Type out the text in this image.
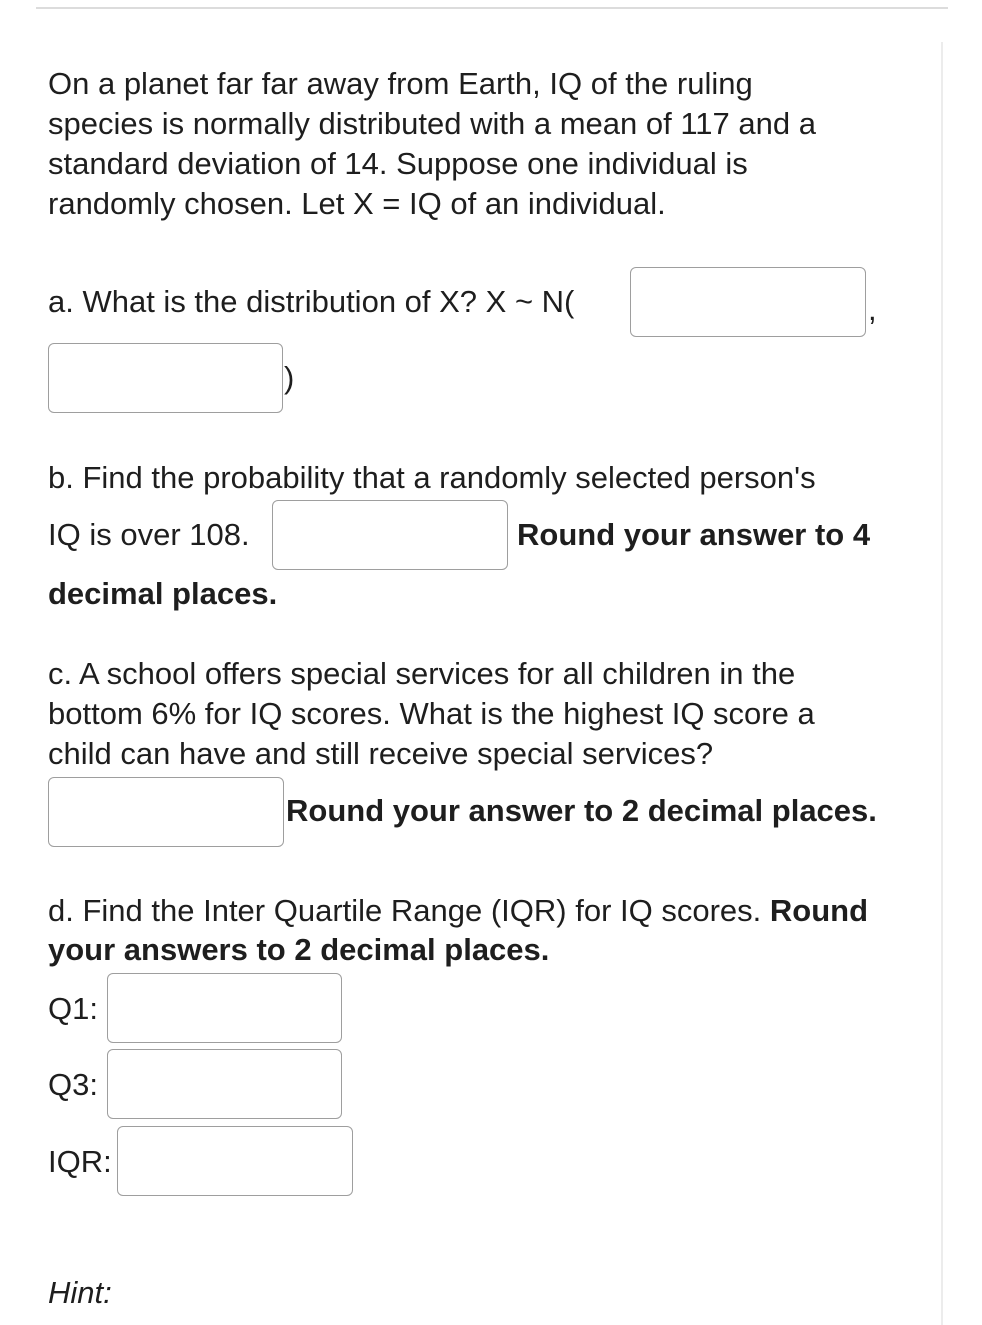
On a planet far far away from Earth, IQ of the ruling
species is normally distributed with a mean of 117 and a
standard deviation of 14. Suppose one individual is
randomly chosen. Let X = IQ of an individual.
a. What is the distribution of X? X ~ N(	,
)
b. Find the probability that a randomly selected person's
IQ is over 108.	Round your answer to 4
decimal places.
c. A school offers special services for all children in the
bottom 6% for IQ scores. What is the highest IQ score a
child can have and still receive special services?
Round your answer to 2 decimal places.
d. Find the Inter Quartile Range (IQR) for IQ scores. Round
your answers to 2 decimal places.
Q1:
Q3:
IQR:
Hint:
